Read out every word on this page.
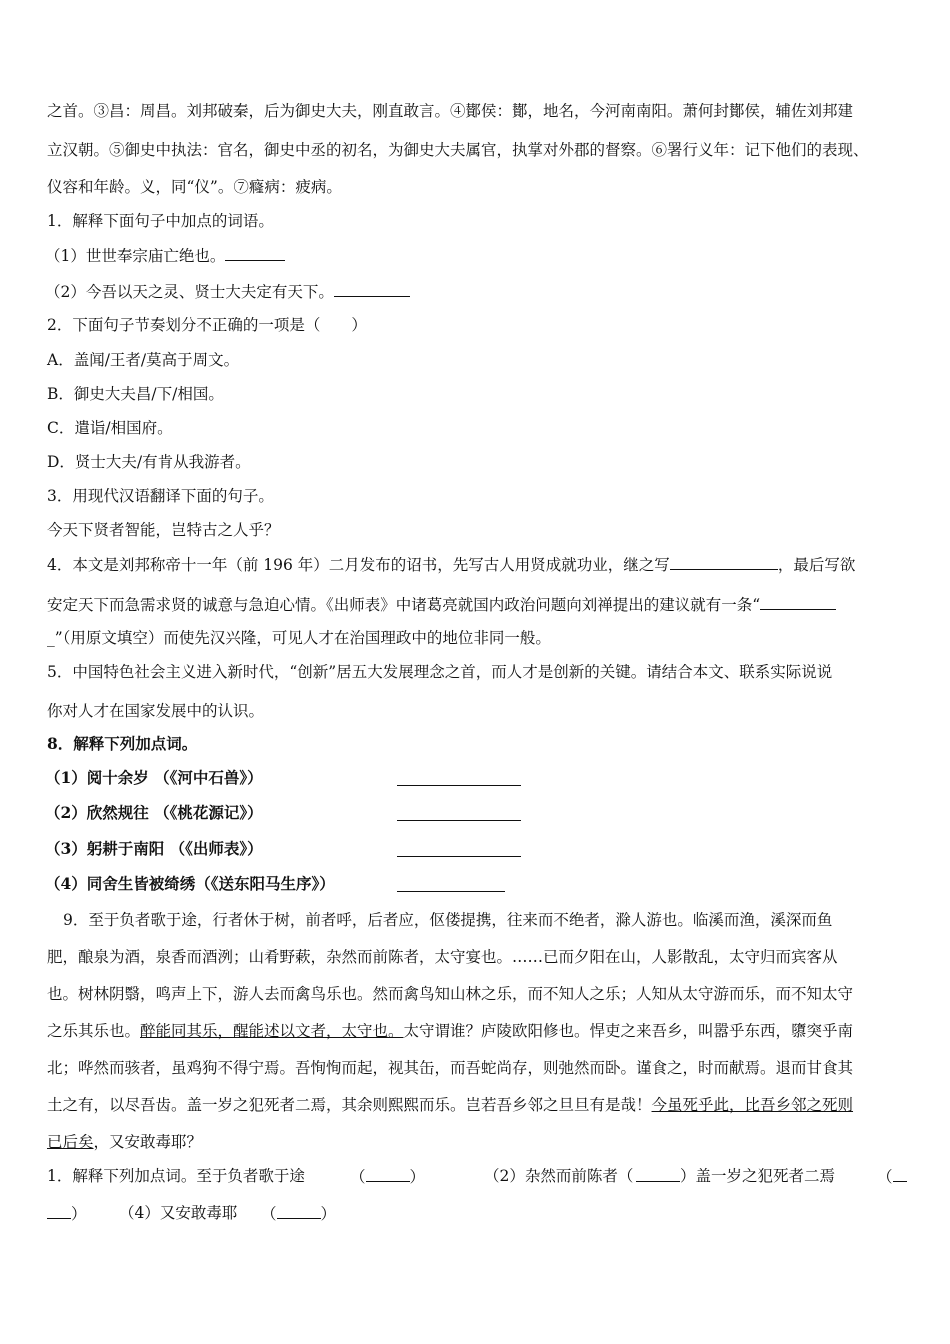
之首。③昌：周昌。刘邦破秦，后为御史大夫，刚直敢言。④鄼侯：鄼，地名，今河南南阳。萧何封鄼侯，辅佐刘邦建
立汉朝。⑤御史中执法：官名，御史中丞的初名，为御史大夫属官，执掌对外郡的督察。⑥署行义年：记下他们的表现、
仪容和年龄。义，同“仪”。⑦癃病：疲病。
1．解释下面句子中加点的词语。
（1）世世奉宗庙亡绝也。
（2）今吾以天之灵、贤士大夫定有天下。
2．下面句子节奏划分不正确的一项是（　　）
A．盖闻/王者/莫高于周文。
B．御史大夫昌/下/相国。
C．遣诣/相国府。
D．贤士大夫/有肯从我游者。
3．用现代汉语翻译下面的句子。
今天下贤者智能，岂特古之人乎？
4．本文是刘邦称帝十一年（前 196 年）二月发布的诏书，先写古人用贤成就功业，继之写	，最后写欲
安定天下而急需求贤的诚意与急迫心情。《出师表》中诸葛亮就国内政治问题向刘禅提出的建议就有一条“
_”（用原文填空）而使先汉兴隆，可见人才在治国理政中的地位非同一般。
5．中国特色社会主义进入新时代，“创新”居五大发展理念之首，而人才是创新的关键。请结合本文、联系实际说说
你对人才在国家发展中的认识。
8．解释下列加点词。
（1）阅十余岁 （《河中石兽》）
（2）欣然规往 （《桃花源记》）
（3）躬耕于南阳 （《出师表》）
（4）同舍生皆被绮绣（《送东阳马生序》）
9．至于负者歌于途，行者休于树，前者呼，后者应，伛偻提携，往来而不绝者，滁人游也。临溪而渔，溪深而鱼
肥，酿泉为酒，泉香而酒洌；山肴野蔌，杂然而前陈者，太守宴也。……已而夕阳在山，人影散乱，太守归而宾客从
也。树林阴翳，鸣声上下，游人去而禽鸟乐也。然而禽鸟知山林之乐，而不知人之乐；人知从太守游而乐，而不知太守
之乐其乐也。醉能同其乐，醒能述以文者，太守也。太守谓谁？庐陵欧阳修也。悍吏之来吾乡，叫嚣乎东西，隳突乎南
北；哗然而骇者，虽鸡狗不得宁焉。吾恂恂而起，视其缶，而吾蛇尚存，则弛然而卧。谨食之，时而献焉。退而甘食其
土之有，以尽吾齿。盖一岁之犯死者二焉，其余则熙熙而乐。岂若吾乡邻之旦旦有是哉！今虽死乎此，比吾乡邻之死则
已后矣，又安敢毒耶？
1．解释下列加点词。至于负者歌于途	（	）	（2）杂然而前陈者（	）盖一岁之犯死者二焉	（
） （4）又安敢毒耶 （	）
